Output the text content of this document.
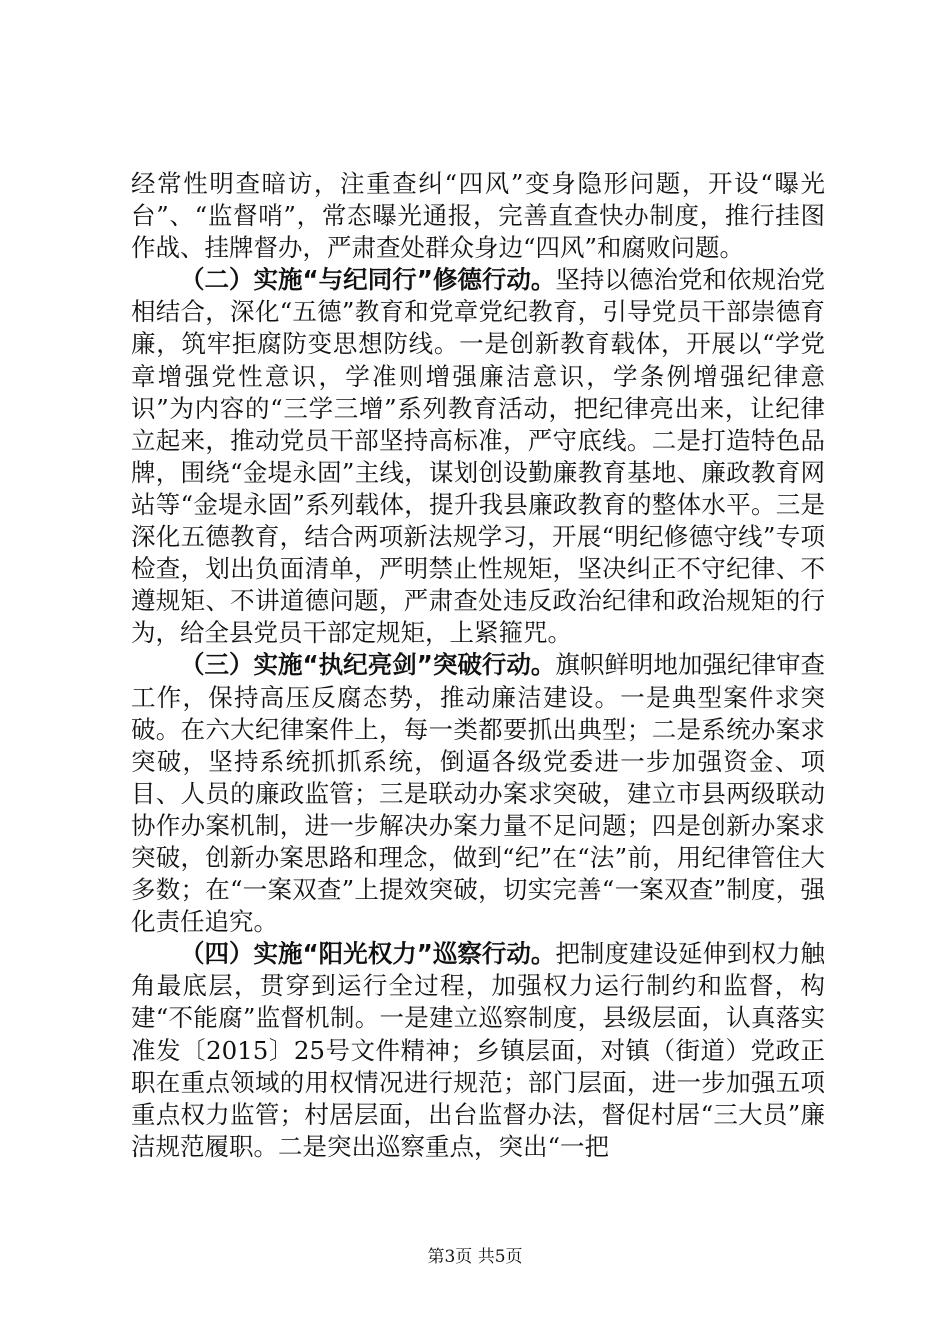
经常性明查暗访，注重查纠“四风”变身隐形问题，开设“曝光台”、“监督哨”，常态曝光通报，完善直查快办制度，推行挂图作战、挂牌督办，严肃查处群众身边“四风”和腐败问题。

（二）实施“与纪同行”修德行动。坚持以德治党和依规治党相结合，深化“五德”教育和党章党纪教育，引导党员干部崇德育廉，筑牢拒腐防变思想防线。一是创新教育载体，开展以“学党章增强党性意识，学准则增强廉洁意识，学条例增强纪律意识”为内容的“三学三增”系列教育活动，把纪律亮出来，让纪律立起来，推动党员干部坚持高标准，严守底线。二是打造特色品牌，围绕“金堤永固”主线，谋划创设勤廉教育基地、廉政教育网站等“金堤永固”系列载体，提升我县廉政教育的整体水平。三是深化五德教育，结合两项新法规学习，开展“明纪修德守线”专项检查，划出负面清单，严明禁止性规矩，坚决纠正不守纪律、不遵规矩、不讲道德问题，严肃查处违反政治纪律和政治规矩的行为，给全县党员干部定规矩，上紧箍咒。

（三）实施“执纪亮剑”突破行动。旗帜鲜明地加强纪律审查工作，保持高压反腐态势，推动廉洁建设。一是典型案件求突破。在六大纪律案件上，每一类都要抓出典型；二是系统办案求突破，坚持系统抓抓系统，倒逼各级党委进一步加强资金、项目、人员的廉政监管；三是联动办案求突破，建立市县两级联动协作办案机制，进一步解决办案力量不足问题；四是创新办案求突破，创新办案思路和理念，做到“纪”在“法”前，用纪律管住大多数；在“一案双查”上提效突破，切实完善“一案双查”制度，强化责任追究。

（四）实施“阳光权力”巡察行动。把制度建设延伸到权力触角最底层，贯穿到运行全过程，加强权力运行制约和监督，构建“不能腐”监督机制。一是建立巡察制度，县级层面，认真落实准发〔2015〕25号文件精神；乡镇层面，对镇（街道）党政正职在重点领域的用权情况进行规范；部门层面，进一步加强五项重点权力监管；村居层面，出台监督办法，督促村居“三大员”廉洁规范履职。二是突出巡察重点，突出“一把

第3页 共5页
